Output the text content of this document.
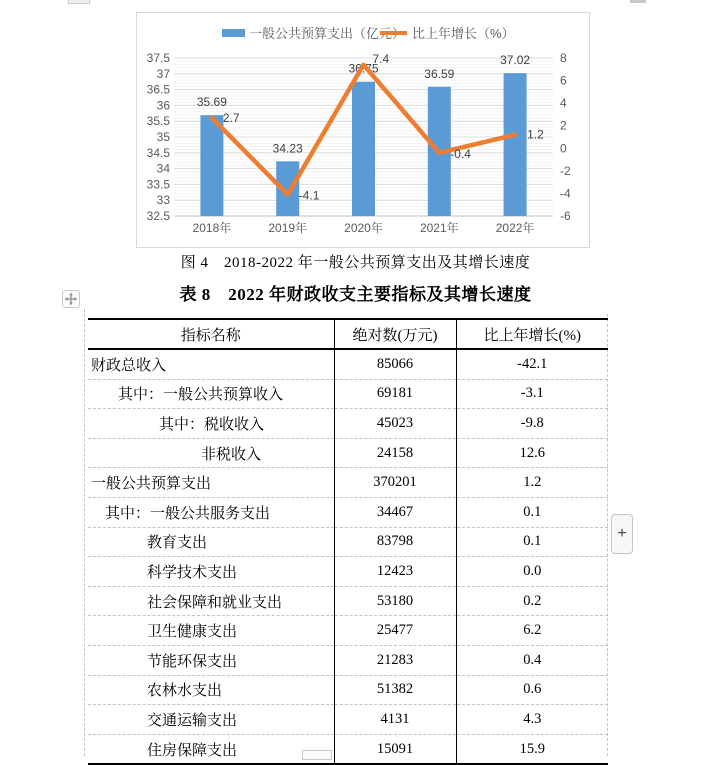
37.5
37
36.5
36
35.5
35
34.5
34
33.5
33
32.5
8
6
4
2
0
-2
-4
-6
2018年	2019年	2020年	2021年	2022年
35.69
34.23
36.75	36.59
37.02
2.7
-4.1
7.4
-0.4
1.2
一般公共预算支出（亿元） 比上年增长（%）
图 4　2018-2022 年一般公共预算支出及其增长速度
表 8　2022 年财政收支主要指标及其增长速度
指标名称	绝对数(万元)	比上年增长(%)
财政总收入	85066	-42.1
其中：一般公共预算收入	69181	-3.1
其中：税收收入	45023	-9.8
非税收入	24158	12.6
一般公共预算支出	370201	1.2
其中：一般公共服务支出	34467	0.1
教育支出	83798	0.1
科学技术支出	12423	0.0
社会保障和就业支出	53180	0.2
卫生健康支出	25477	6.2
节能环保支出	21283	0.4
农林水支出	51382	0.6
交通运输支出	4131	4.3
住房保障支出	15091	15.9
+
